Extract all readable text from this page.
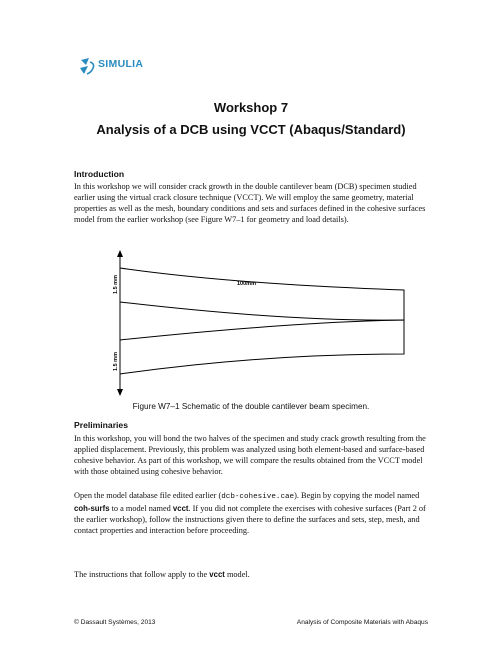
SIMULIA
Workshop 7
Analysis of a DCB using VCCT (Abaqus/Standard)
Introduction

In this workshop we will consider crack growth in the double cantilever beam (DCB) specimen studied earlier using the virtual crack closure technique (VCCT). We will employ the same geometry, material properties as well as the mesh, boundary conditions and sets and surfaces defined in the cohesive surfaces model from the earlier workshop (see Figure W7–1 for geometry and load details).

100mm
1.5 mm
1.5 mm
Figure W7–1 Schematic of the double cantilever beam specimen.
Preliminaries

In this workshop, you will bond the two halves of the specimen and study crack growth resulting from the applied displacement. Previously, this problem was analyzed using both element-based and surface-based cohesive behavior. As part of this workshop, we will compare the results obtained from the VCCT model with those obtained using cohesive behavior.

Open the model database file edited earlier (dcb-cohesive.cae). Begin by copying the model named coh-surfs to a model named vcct. If you did not complete the exercises with cohesive surfaces (Part 2 of the earlier workshop), follow the instructions given there to define the surfaces and sets, step, mesh, and contact properties and interaction before proceeding.

The instructions that follow apply to the vcct model.

© Dassault Systèmes, 2013	Analysis of Composite Materials with Abaqus
